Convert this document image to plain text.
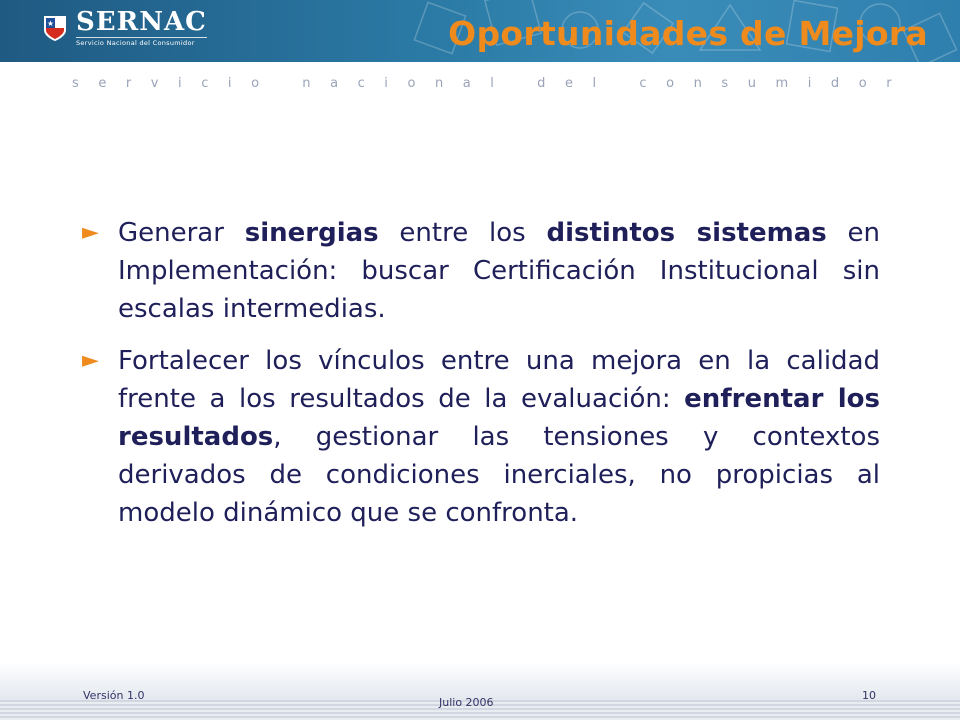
SERNAC
Servicio Nacional del Consumidor	Oportunidades de Mejora
s e r v i c i o
	n a c i o n a l
	d e l
	c o n s u m i d o r

► Generar sinergias entre los distintos sistemas en Implementación: buscar Certificación Institucional sin escalas intermedias.

► Fortalecer los vínculos entre una mejora en la calidad frente a los resultados de la evaluación: enfrentar los resultados, gestionar las tensiones y contextos derivados de condiciones inerciales, no propicias al modelo dinámico que se confronta.

Versión 1.0
Julio 2006
10
